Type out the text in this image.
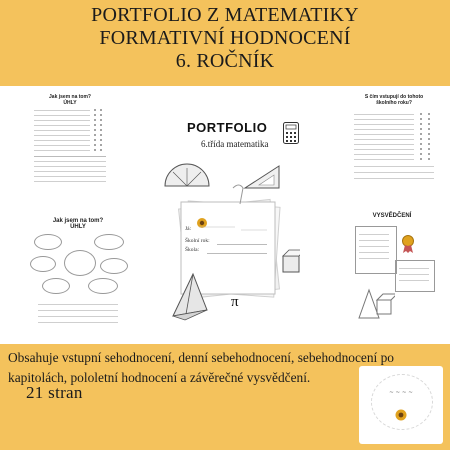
PORTFOLIO Z MATEMATIKY
FORMATIVNÍ HODNOCENÍ
6. ROČNÍK
Jak jsem na tom?
ÚHLY
Jak jsem na tom?
ÚHLY
S čím vstupují do tohoto školního roku?
VYSVĚDČENÍ
PORTFOLIO
6.třída matematika
Já:
Školní rok:
Škola:
π
Obsahuje vstupní sehodnocení, denní sebehodnocení, sebehodnocení po kapitolách, pololetní hodnocení a závěrečné vysvědčení.
21 stran	~ ~ ~ ~
